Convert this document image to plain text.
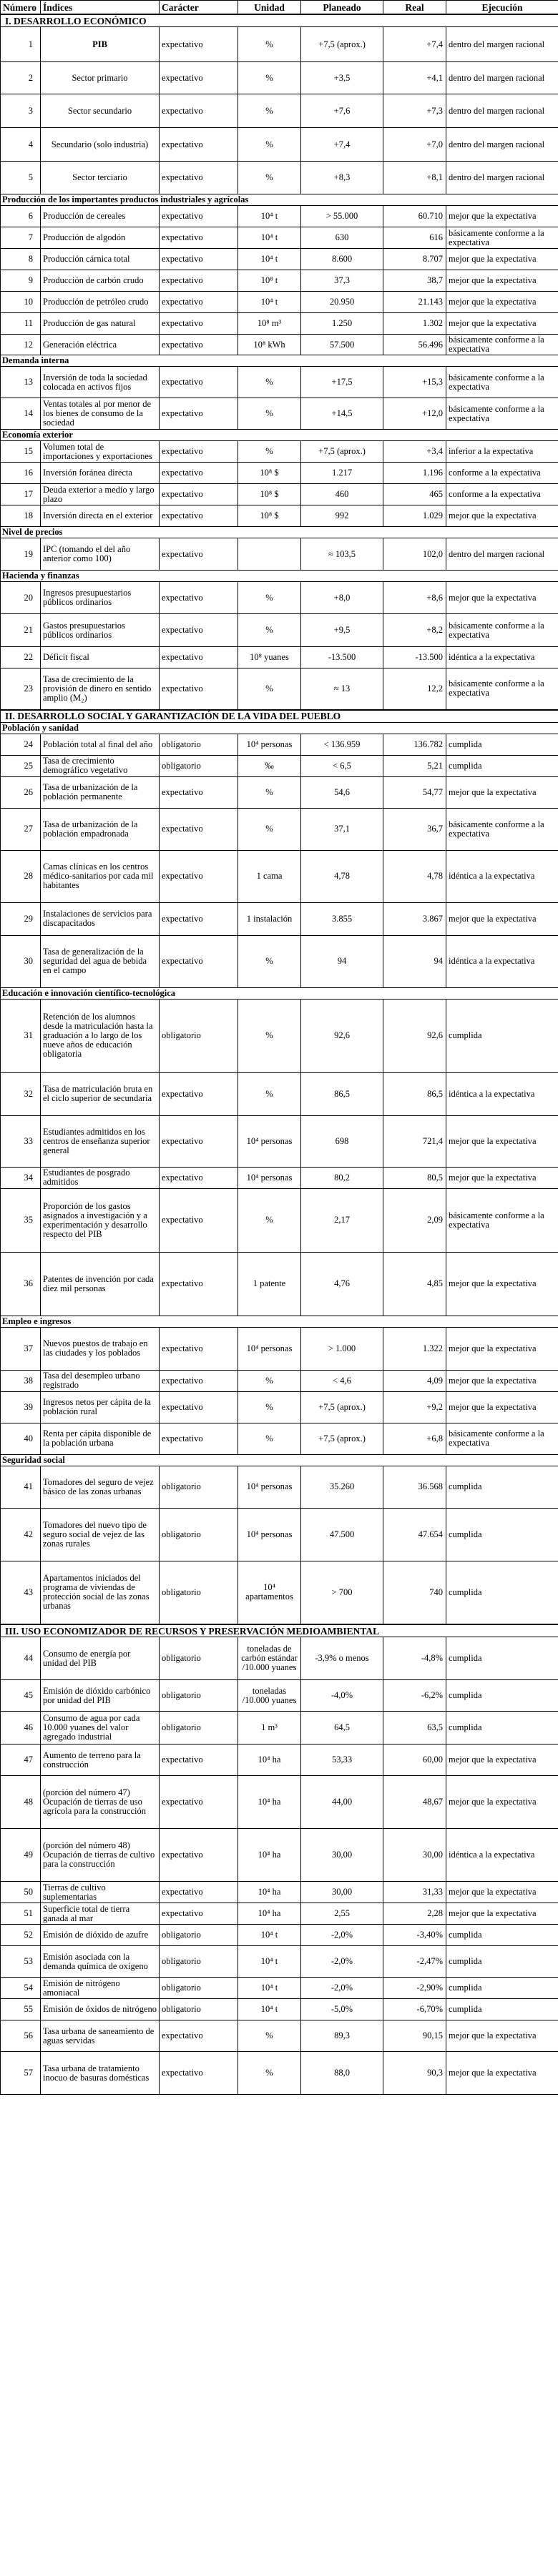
Número	Índices	Carácter	Unidad	Planeado	Real	Ejecución
I. DESARROLLO ECONÓMICO						
1	PIB	expectativo	%	+7,5 (aprox.)	+7,4	dentro del margen racional
2	Sector primario	expectativo	%	+3,5	+4,1	dentro del margen racional
3	Sector secundario	expectativo	%	+7,6	+7,3	dentro del margen racional
4	Secundario (solo industria)	expectativo	%	+7,4	+7,0	dentro del margen racional
5	Sector terciario	expectativo	%	+8,3	+8,1	dentro del margen racional
Producción de los importantes productos industriales y agrícolas						
6	Producción de cereales	expectativo	10⁴ t	> 55.000	60.710	mejor que la expectativa
7	Producción de algodón	expectativo	10⁴ t	630	616	básicamente conforme a la expectativa
8	Producción cárnica total	expectativo	10⁴ t	8.600	8.707	mejor que la expectativa
9	Producción de carbón crudo	expectativo	10⁸ t	37,3	38,7	mejor que la expectativa
10	Producción de petróleo crudo	expectativo	10⁴ t	20.950	21.143	mejor que la expectativa
11	Producción de gas natural	expectativo	10⁸ m³	1.250	1.302	mejor que la expectativa
12	Generación eléctrica	expectativo	10⁸ kWh	57.500	56.496	básicamente conforme a la expectativa
Demanda interna						
13	Inversión de toda la sociedad colocada en activos fijos	expectativo	%	+17,5	+15,3	básicamente conforme a la expectativa
14	Ventas totales al por menor de los bienes de consumo de la sociedad	expectativo	%	+14,5	+12,0	básicamente conforme a la expectativa
Economía exterior						
15	Volumen total de importaciones y exportaciones	expectativo	%	+7,5 (aprox.)	+3,4	inferior a la expectativa
16	Inversión foránea directa	expectativo	10⁸ $	1.217	1.196	conforme a la expectativa
17	Deuda exterior a medio y largo plazo	expectativo	10⁸ $	460	465	conforme a la expectativa
18	Inversión directa en el exterior	expectativo	10⁸ $	992	1.029	mejor que la expectativa
Nivel de precios						
19	IPC (tomando el del año anterior como 100)	expectativo		≈ 103,5	102,0	dentro del margen racional
Hacienda y finanzas						
20	Ingresos presupuestarios públicos ordinarios	expectativo	%	+8,0	+8,6	mejor que la expectativa
21	Gastos presupuestarios públicos ordinarios	expectativo	%	+9,5	+8,2	básicamente conforme a la expectativa
22	Déficit fiscal	expectativo	10⁸ yuanes	-13.500	-13.500	idéntica a la expectativa
23	Tasa de crecimiento de la provisión de dinero en sentido amplio (M₂)	expectativo	%	≈ 13	12,2	básicamente conforme a la expectativa
II. DESARROLLO SOCIAL Y GARANTIZACIÓN DE LA VIDA DEL PUEBLO						
Población y sanidad						
24	Población total al final del año	obligatorio	10⁴ personas	< 136.959	136.782	cumplida
25	Tasa de crecimiento demográfico vegetativo	obligatorio	‰	< 6,5	5,21	cumplida
26	Tasa de urbanización de la población permanente	expectativo	%	54,6	54,77	mejor que la expectativa
27	Tasa de urbanización de la población empadronada	expectativo	%	37,1	36,7	básicamente conforme a la expectativa
28	Camas clínicas en los centros médico-sanitarios por cada mil habitantes	expectativo	1 cama	4,78	4,78	idéntica a la expectativa
29	Instalaciones de servicios para discapacitados	expectativo	1 instalación	3.855	3.867	mejor que la expectativa
30	Tasa de generalización de la seguridad del agua de bebida en el campo	expectativo	%	94	94	idéntica a la expectativa
Educación e innovación científico-tecnológica						
31	Retención de los alumnos desde la matriculación hasta la graduación a lo largo de los nueve años de educación obligatoria	obligatorio	%	92,6	92,6	cumplida
32	Tasa de matriculación bruta en el ciclo superior de secundaria	expectativo	%	86,5	86,5	idéntica a la expectativa
33	Estudiantes admitidos en los centros de enseñanza superior general	expectativo	10⁴ personas	698	721,4	mejor que la expectativa
34	Estudiantes de posgrado admitidos	expectativo	10⁴ personas	80,2	80,5	mejor que la expectativa
35	Proporción de los gastos asignados a investigación y a experimentación y desarrollo respecto del PIB	expectativo	%	2,17	2,09	básicamente conforme a la expectativa
36	Patentes de invención por cada diez mil personas	expectativo	1 patente	4,76	4,85	mejor que la expectativa
Empleo e ingresos						
37	Nuevos puestos de trabajo en las ciudades y los poblados	expectativo	10⁴ personas	> 1.000	1.322	mejor que la expectativa
38	Tasa del desempleo urbano registrado	expectativo	%	< 4,6	4,09	mejor que la expectativa
39	Ingresos netos per cápita de la población rural	expectativo	%	+7,5 (aprox.)	+9,2	mejor que la expectativa
40	Renta per cápita disponible de la población urbana	expectativo	%	+7,5 (aprox.)	+6,8	básicamente conforme a la expectativa
Seguridad social						
41	Tomadores del seguro de vejez básico de las zonas urbanas	obligatorio	10⁴ personas	35.260	36.568	cumplida
42	Tomadores del nuevo tipo de seguro social de vejez de las zonas rurales	obligatorio	10⁴ personas	47.500	47.654	cumplida
43	Apartamentos iniciados del programa de viviendas de protección social de las zonas urbanas	obligatorio	10⁴ apartamentos	> 700	740	cumplida
III. USO ECONOMIZADOR DE RECURSOS Y PRESERVACIÓN MEDIOAMBIENTAL						
44	Consumo de energía por unidad del PIB	obligatorio	toneladas de carbón estándar /10.000 yuanes	-3,9% o menos	-4,8%	cumplida
45	Emisión de dióxido carbónico por unidad del PIB	obligatorio	toneladas /10.000 yuanes	-4,0%	-6,2%	cumplida
46	Consumo de agua por cada 10.000 yuanes del valor agregado industrial	obligatorio	1 m³	64,5	63,5	cumplida
47	Aumento de terreno para la construcción	expectativo	10⁴ ha	53,33	60,00	mejor que la expectativa
48	(porción del número 47) Ocupación de tierras de uso agrícola para la construcción	expectativo	10⁴ ha	44,00	48,67	mejor que la expectativa
49	(porción del número 48) Ocupación de tierras de cultivo para la construcción	expectativo	10⁴ ha	30,00	30,00	idéntica a la expectativa
50	Tierras de cultivo suplementarias	expectativo	10⁴ ha	30,00	31,33	mejor que la expectativa
51	Superficie total de tierra ganada al mar	expectativo	10⁴ ha	2,55	2,28	mejor que la expectativa
52	Emisión de dióxido de azufre	obligatorio	10⁴ t	-2,0%	-3,40%	cumplida
53	Emisión asociada con la demanda química de oxígeno	obligatorio	10⁴ t	-2,0%	-2,47%	cumplida
54	Emisión de nitrógeno amoniacal	obligatorio	10⁴ t	-2,0%	-2,90%	cumplida
55	Emisión de óxidos de nitrógeno	obligatorio	10⁴ t	-5,0%	-6,70%	cumplida
56	Tasa urbana de saneamiento de aguas servidas	expectativo	%	89,3	90,15	mejor que la expectativa
57	Tasa urbana de tratamiento inocuo de basuras domésticas	expectativo	%	88,0	90,3	mejor que la expectativa
